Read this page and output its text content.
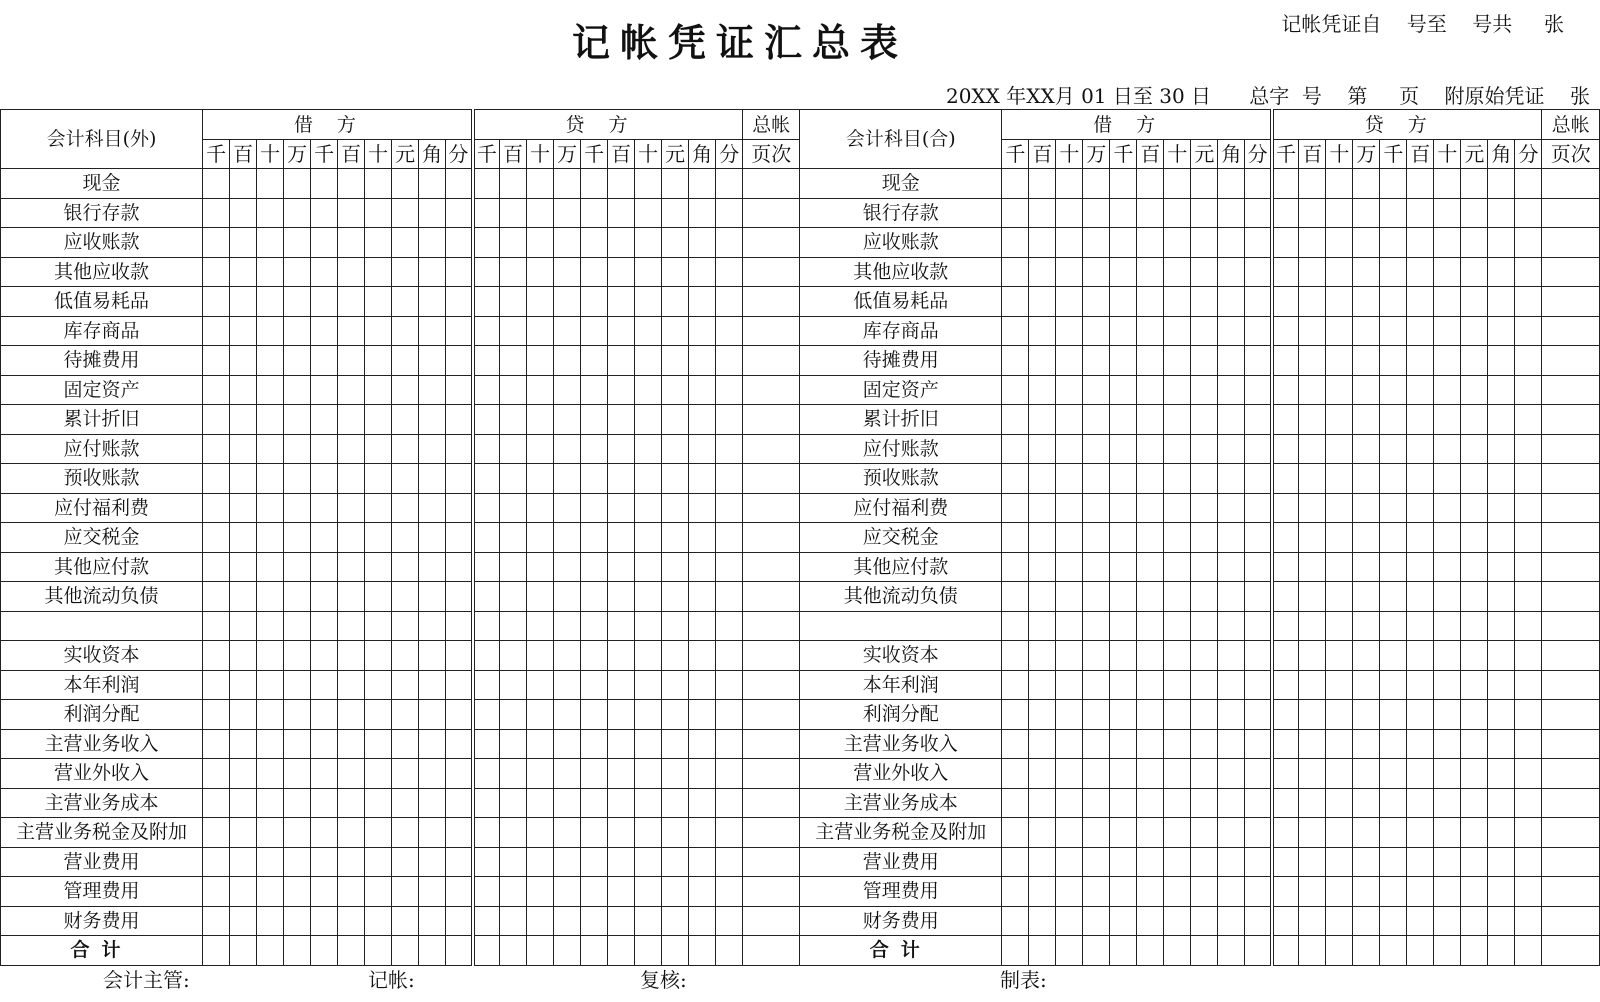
记帐凭证汇总表	记帐凭证自    号至    号共     张
20XX 年XX月 01 日至 30 日      总字  号    第     页    附原始凭证    张
会计科目(外)	借方										贷方										总帐	会计科目(合)	借方										贷方										总帐
	千	百	十	万	千	百	十	元	角	分	千	百	十	万	千	百	十	元	角	分	页次		千	百	十	万	千	百	十	元	角	分	千	百	十	万	千	百	十	元	角	分	页次
现金																						现金																					
银行存款																						银行存款																					
应收账款																						应收账款																					
其他应收款																						其他应收款																					
低值易耗品																						低值易耗品																					
库存商品																						库存商品																					
待摊费用																						待摊费用																					
固定资产																						固定资产																					
累计折旧																						累计折旧																					
应付账款																						应付账款																					
预收账款																						预收账款																					
应付福利费																						应付福利费																					
应交税金																						应交税金																					
其他应付款																						其他应付款																					
其他流动负债																						其他流动负债																					

实收资本																						实收资本																					
本年利润																						本年利润																					
利润分配																						利润分配																					
主营业务收入																						主营业务收入																					
营业外收入																						营业外收入																					
主营业务成本																						主营业务成本																					
主营业务税金及附加																						主营业务税金及附加																					
营业费用																						营业费用																					
管理费用																						管理费用																					
财务费用																						财务费用																					
合计																						合计																					
会计主管:	记帐:	复核:	制表:
